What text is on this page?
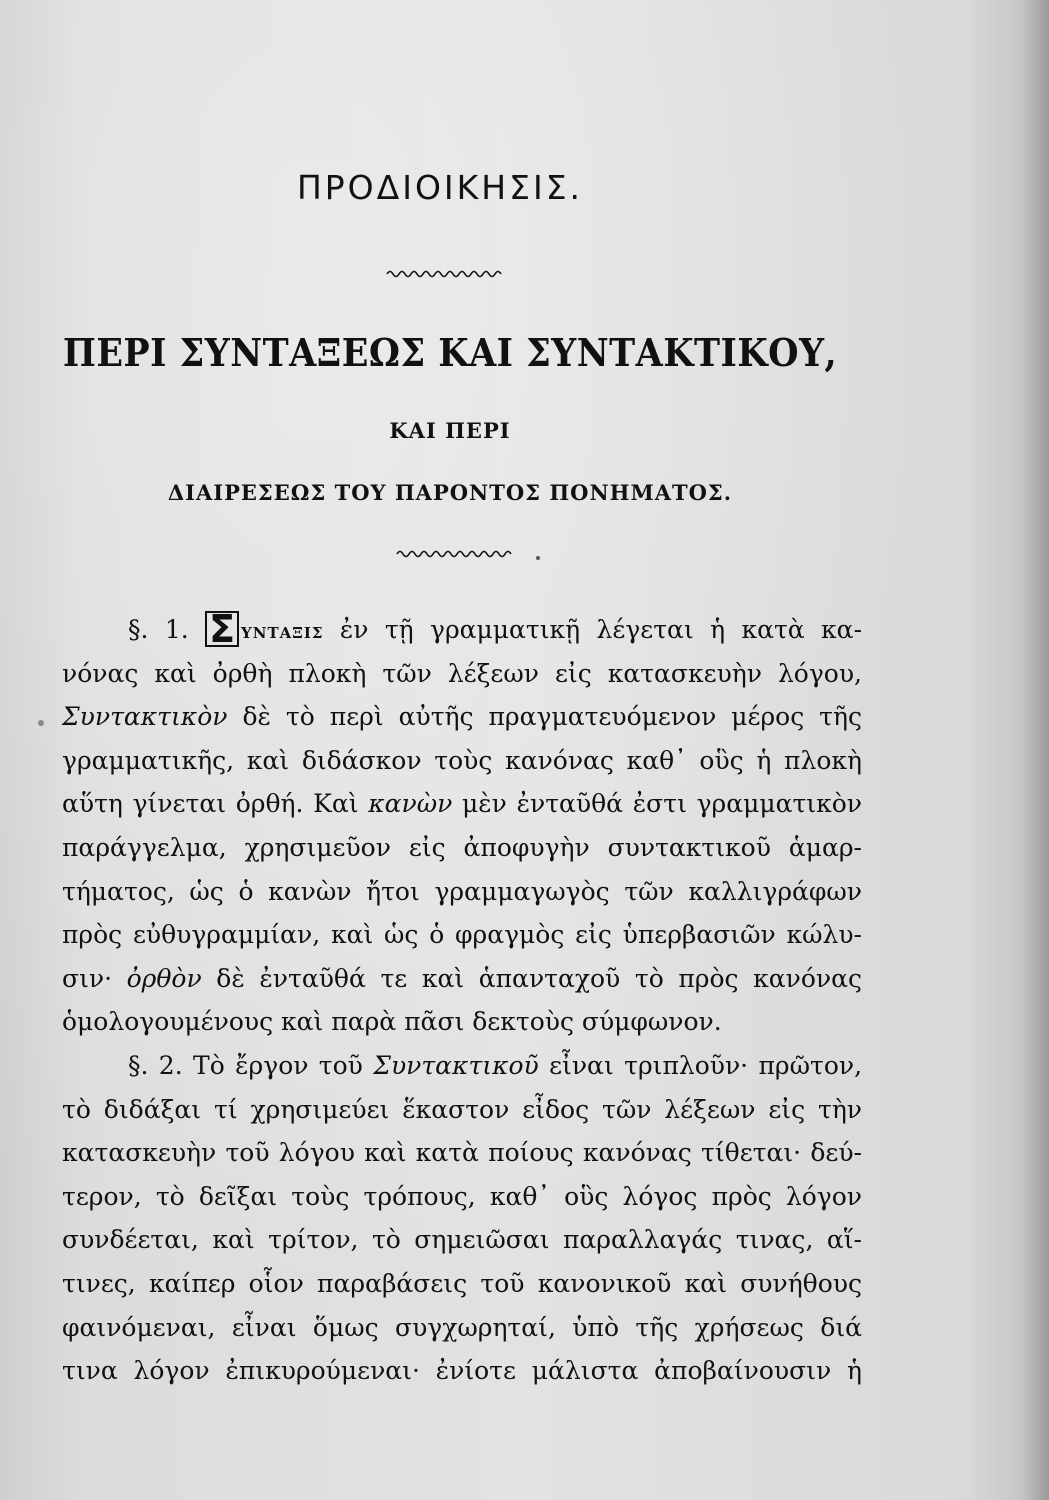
ΠΡΟΔΙΟΙΚΗΣΙΣ.
ΠΕΡΙ ΣΥΝΤΑΞΕΩΣ ΚΑΙ ΣΥΝΤΑΚΤΙΚΟΥ,
ΚΑΙ ΠΕΡΙ
ΔΙΑΙΡΕΣΕΩΣ ΤΟΥ ΠΑΡΟΝΤΟΣ ΠΟΝΗΜΑΤΟΣ.
§. 1. Σ ΥΝΤΑΞΙΣ ἐν τῇ γραμματικῇ λέγεται ἡ κατὰ κα-
νόνας καὶ ὀρθὴ πλοκὴ τῶν λέξεων εἰς κατασκευὴν λόγου,
Συντακτικὸν δὲ τὸ περὶ αὐτῆς πραγματευόμενον μέρος τῆς
γραμματικῆς, καὶ διδάσκον τοὺς κανόνας καθ᾽ οὓς ἡ πλοκὴ
αὕτη γίνεται ὀρθή. Καὶ κανὼν μὲν ἐνταῦθά ἐστι γραμματικὸν
παράγγελμα, χρησιμεῦον εἰς ἀποφυγὴν συντακτικοῦ ἁμαρ-
τήματος, ὡς ὁ κανὼν ἤτοι γραμμαγωγὸς τῶν καλλιγράφων
πρὸς εὐθυγραμμίαν, καὶ ὡς ὁ φραγμὸς εἰς ὑπερβασιῶν κώλυ-
σιν· ὀρθὸν δὲ ἐνταῦθά τε καὶ ἁπανταχοῦ τὸ πρὸς κανόνας
ὁμολογουμένους καὶ παρὰ πᾶσι δεκτοὺς σύμφωνον.
§. 2. Τὸ ἔργον τοῦ Συντακτικοῦ εἶναι τριπλοῦν· πρῶτον,
τὸ διδάξαι τί χρησιμεύει ἕκαστον εἶδος τῶν λέξεων εἰς τὴν
κατασκευὴν τοῦ λόγου καὶ κατὰ ποίους κανόνας τίθεται· δεύ-
τερον, τὸ δεῖξαι τοὺς τρόπους, καθ᾽ οὓς λόγος πρὸς λόγον
συνδέεται, καὶ τρίτον, τὸ σημειῶσαι παραλλαγάς τινας, αἵ-
τινες, καίπερ οἷον παραβάσεις τοῦ κανονικοῦ καὶ συνήθους
φαινόμεναι, εἶναι ὅμως συγχωρηταί, ὑπὸ τῆς χρήσεως διά
τινα λόγον ἐπικυρούμεναι· ἐνίοτε μάλιστα ἀποβαίνουσιν ἡ
